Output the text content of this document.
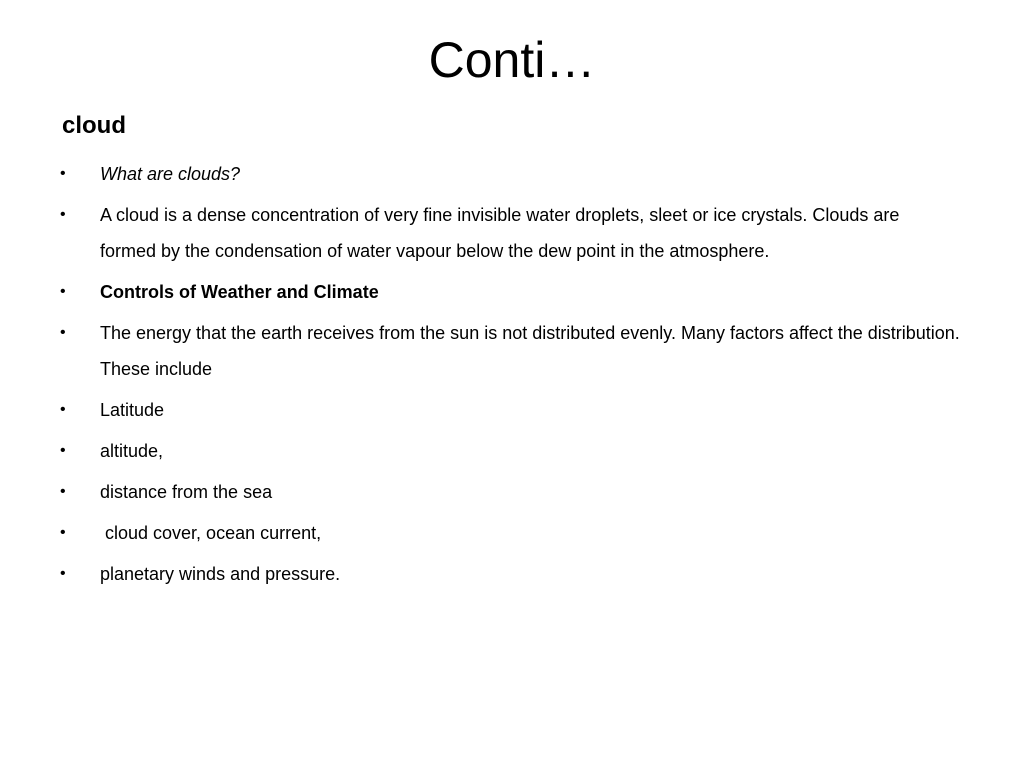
Conti…
cloud
•	What are clouds?
•	A cloud is a dense concentration of very fine invisible water droplets, sleet or ice crystals. Clouds are formed by the condensation of water vapour below the dew point in the atmosphere.
•	Controls of Weather and Climate
•	The energy that the earth receives from the sun is not distributed evenly. Many factors affect the distribution. These include
•	Latitude
•	altitude,
•	distance from the sea
•	cloud cover, ocean current,
•	planetary winds and pressure.
